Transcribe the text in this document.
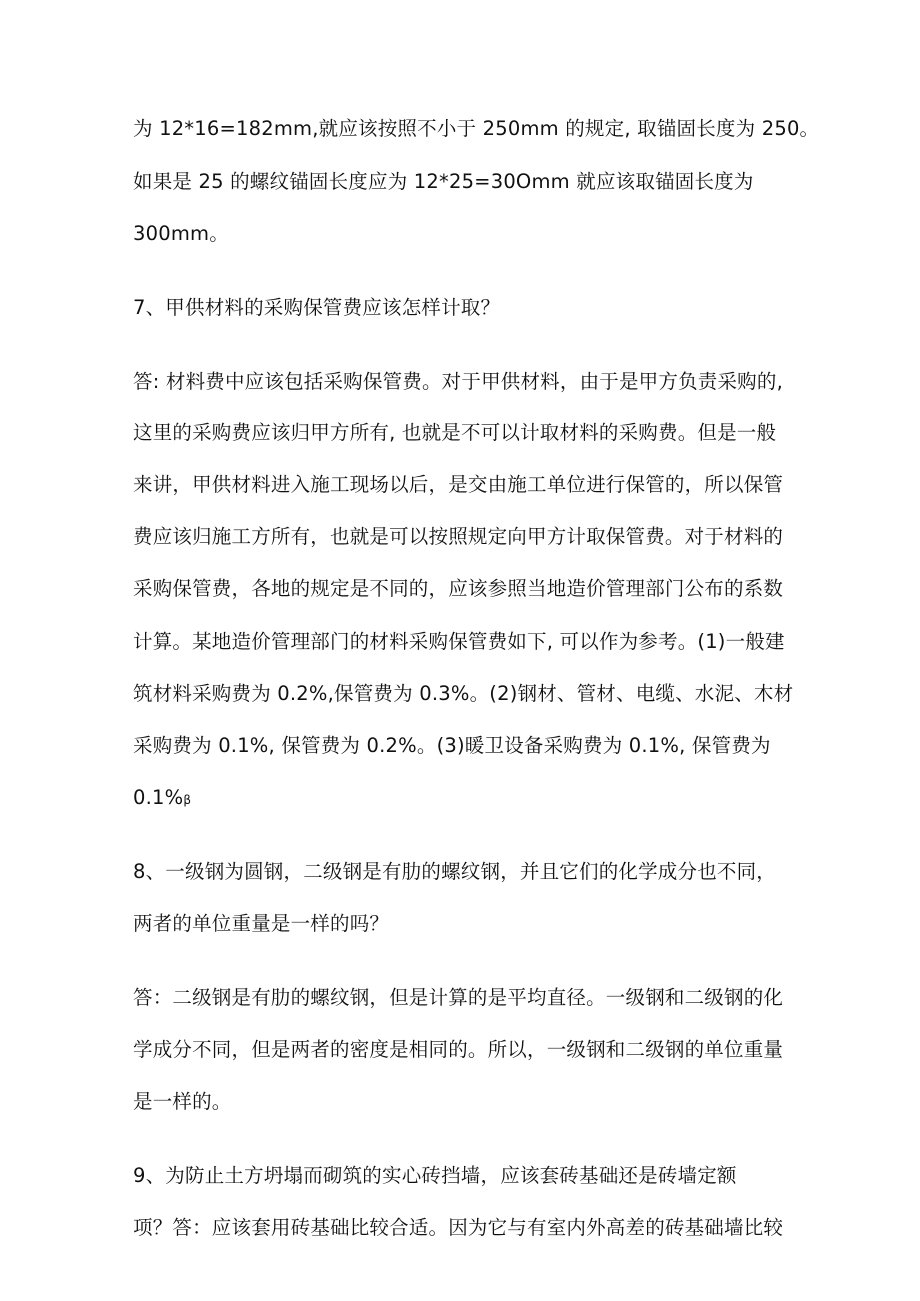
为 12*16=182mm,就应该按照不小于 250mm 的规定, 取锚固长度为 250。
如果是 25 的螺纹锚固长度应为 12*25=30Omm 就应该取锚固长度为
300mm。
7、甲供材料的采购保管费应该怎样计取？
答: 材料费中应该包括采购保管费。对于甲供材料，由于是甲方负责采购的,
这里的采购费应该归甲方所有, 也就是不可以计取材料的采购费。但是一般
来讲，甲供材料进入施工现场以后，是交由施工单位进行保管的，所以保管
费应该归施工方所有，也就是可以按照规定向甲方计取保管费。对于材料的
采购保管费，各地的规定是不同的，应该参照当地造价管理部门公布的系数
计算。某地造价管理部门的材料采购保管费如下, 可以作为参考。(1)一般建
筑材料采购费为 0.2%,保管费为 0.3%。(2)钢材、管材、电缆、水泥、木材
采购费为 0.1%, 保管费为 0.2%。(3)暖卫设备采购费为 0.1%, 保管费为
0.1%β
8、一级钢为圆钢，二级钢是有肋的螺纹钢，并且它们的化学成分也不同，
两者的单位重量是一样的吗？
答：二级钢是有肋的螺纹钢，但是计算的是平均直径。一级钢和二级钢的化
学成分不同，但是两者的密度是相同的。所以，一级钢和二级钢的单位重量
是一样的。
9、为防止土方坍塌而砌筑的实心砖挡墙，应该套砖基础还是砖墙定额
项？答：应该套用砖基础比较合适。因为它与有室内外高差的砖基础墙比较
